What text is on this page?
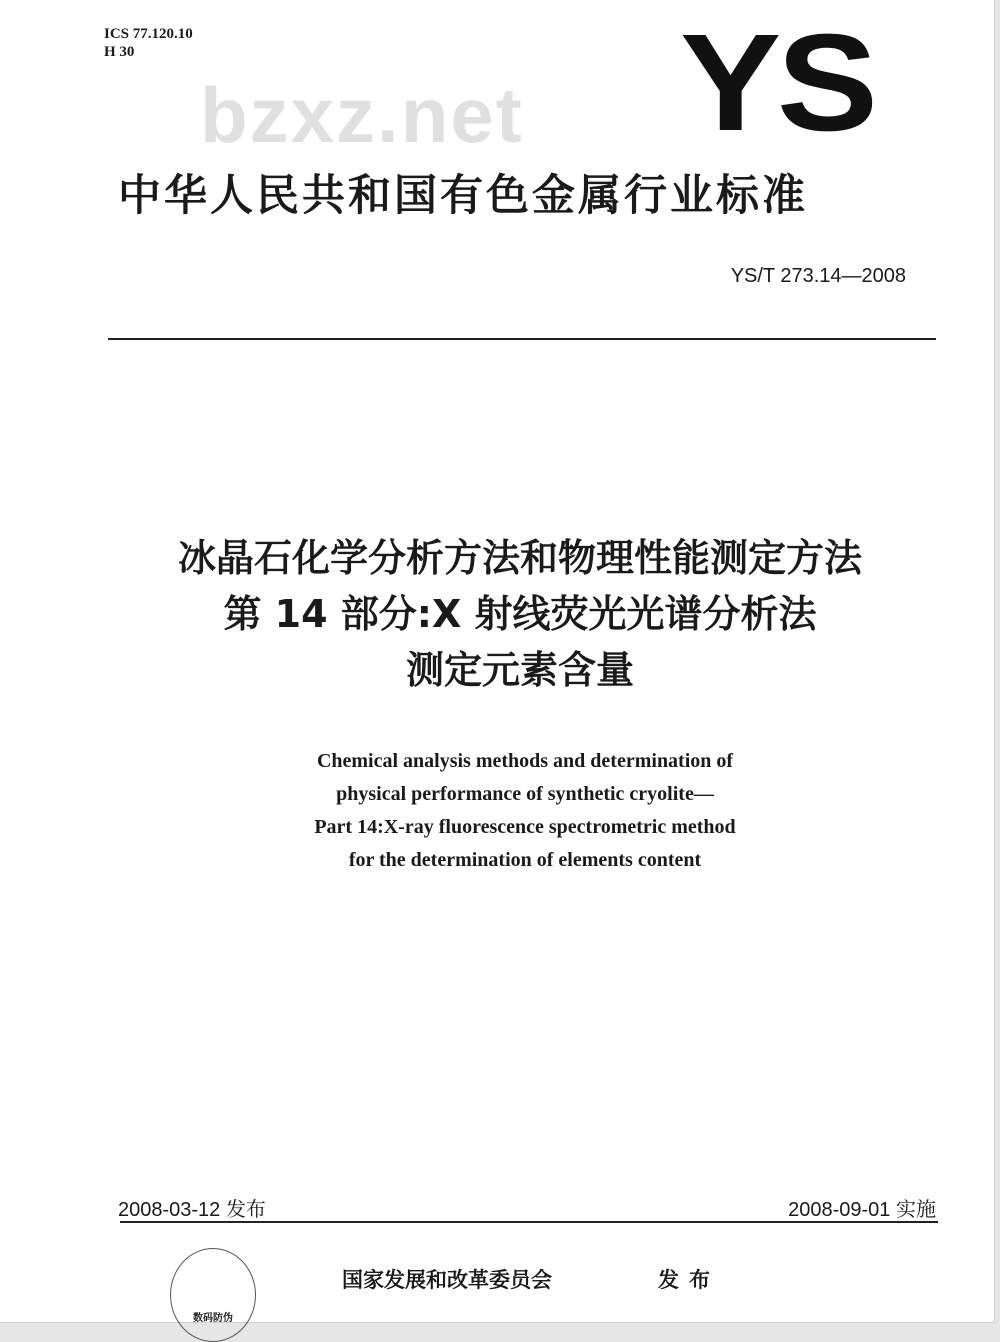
ICS 77.120.10
H 30	YS
bzxz.net
中华人民共和国有色金属行业标准
YS/T 273.14—2008
冰晶石化学分析方法和物理性能测定方法
第 14 部分:X 射线荧光光谱分析法
测定元素含量
Chemical analysis methods and determination of
physical performance of synthetic cryolite—
Part 14:X-ray fluorescence spectrometric method
for the determination of elements content
2008-03-12 发布	2008-09-01 实施
数码防伪
国家发展和改革委员会	发布
